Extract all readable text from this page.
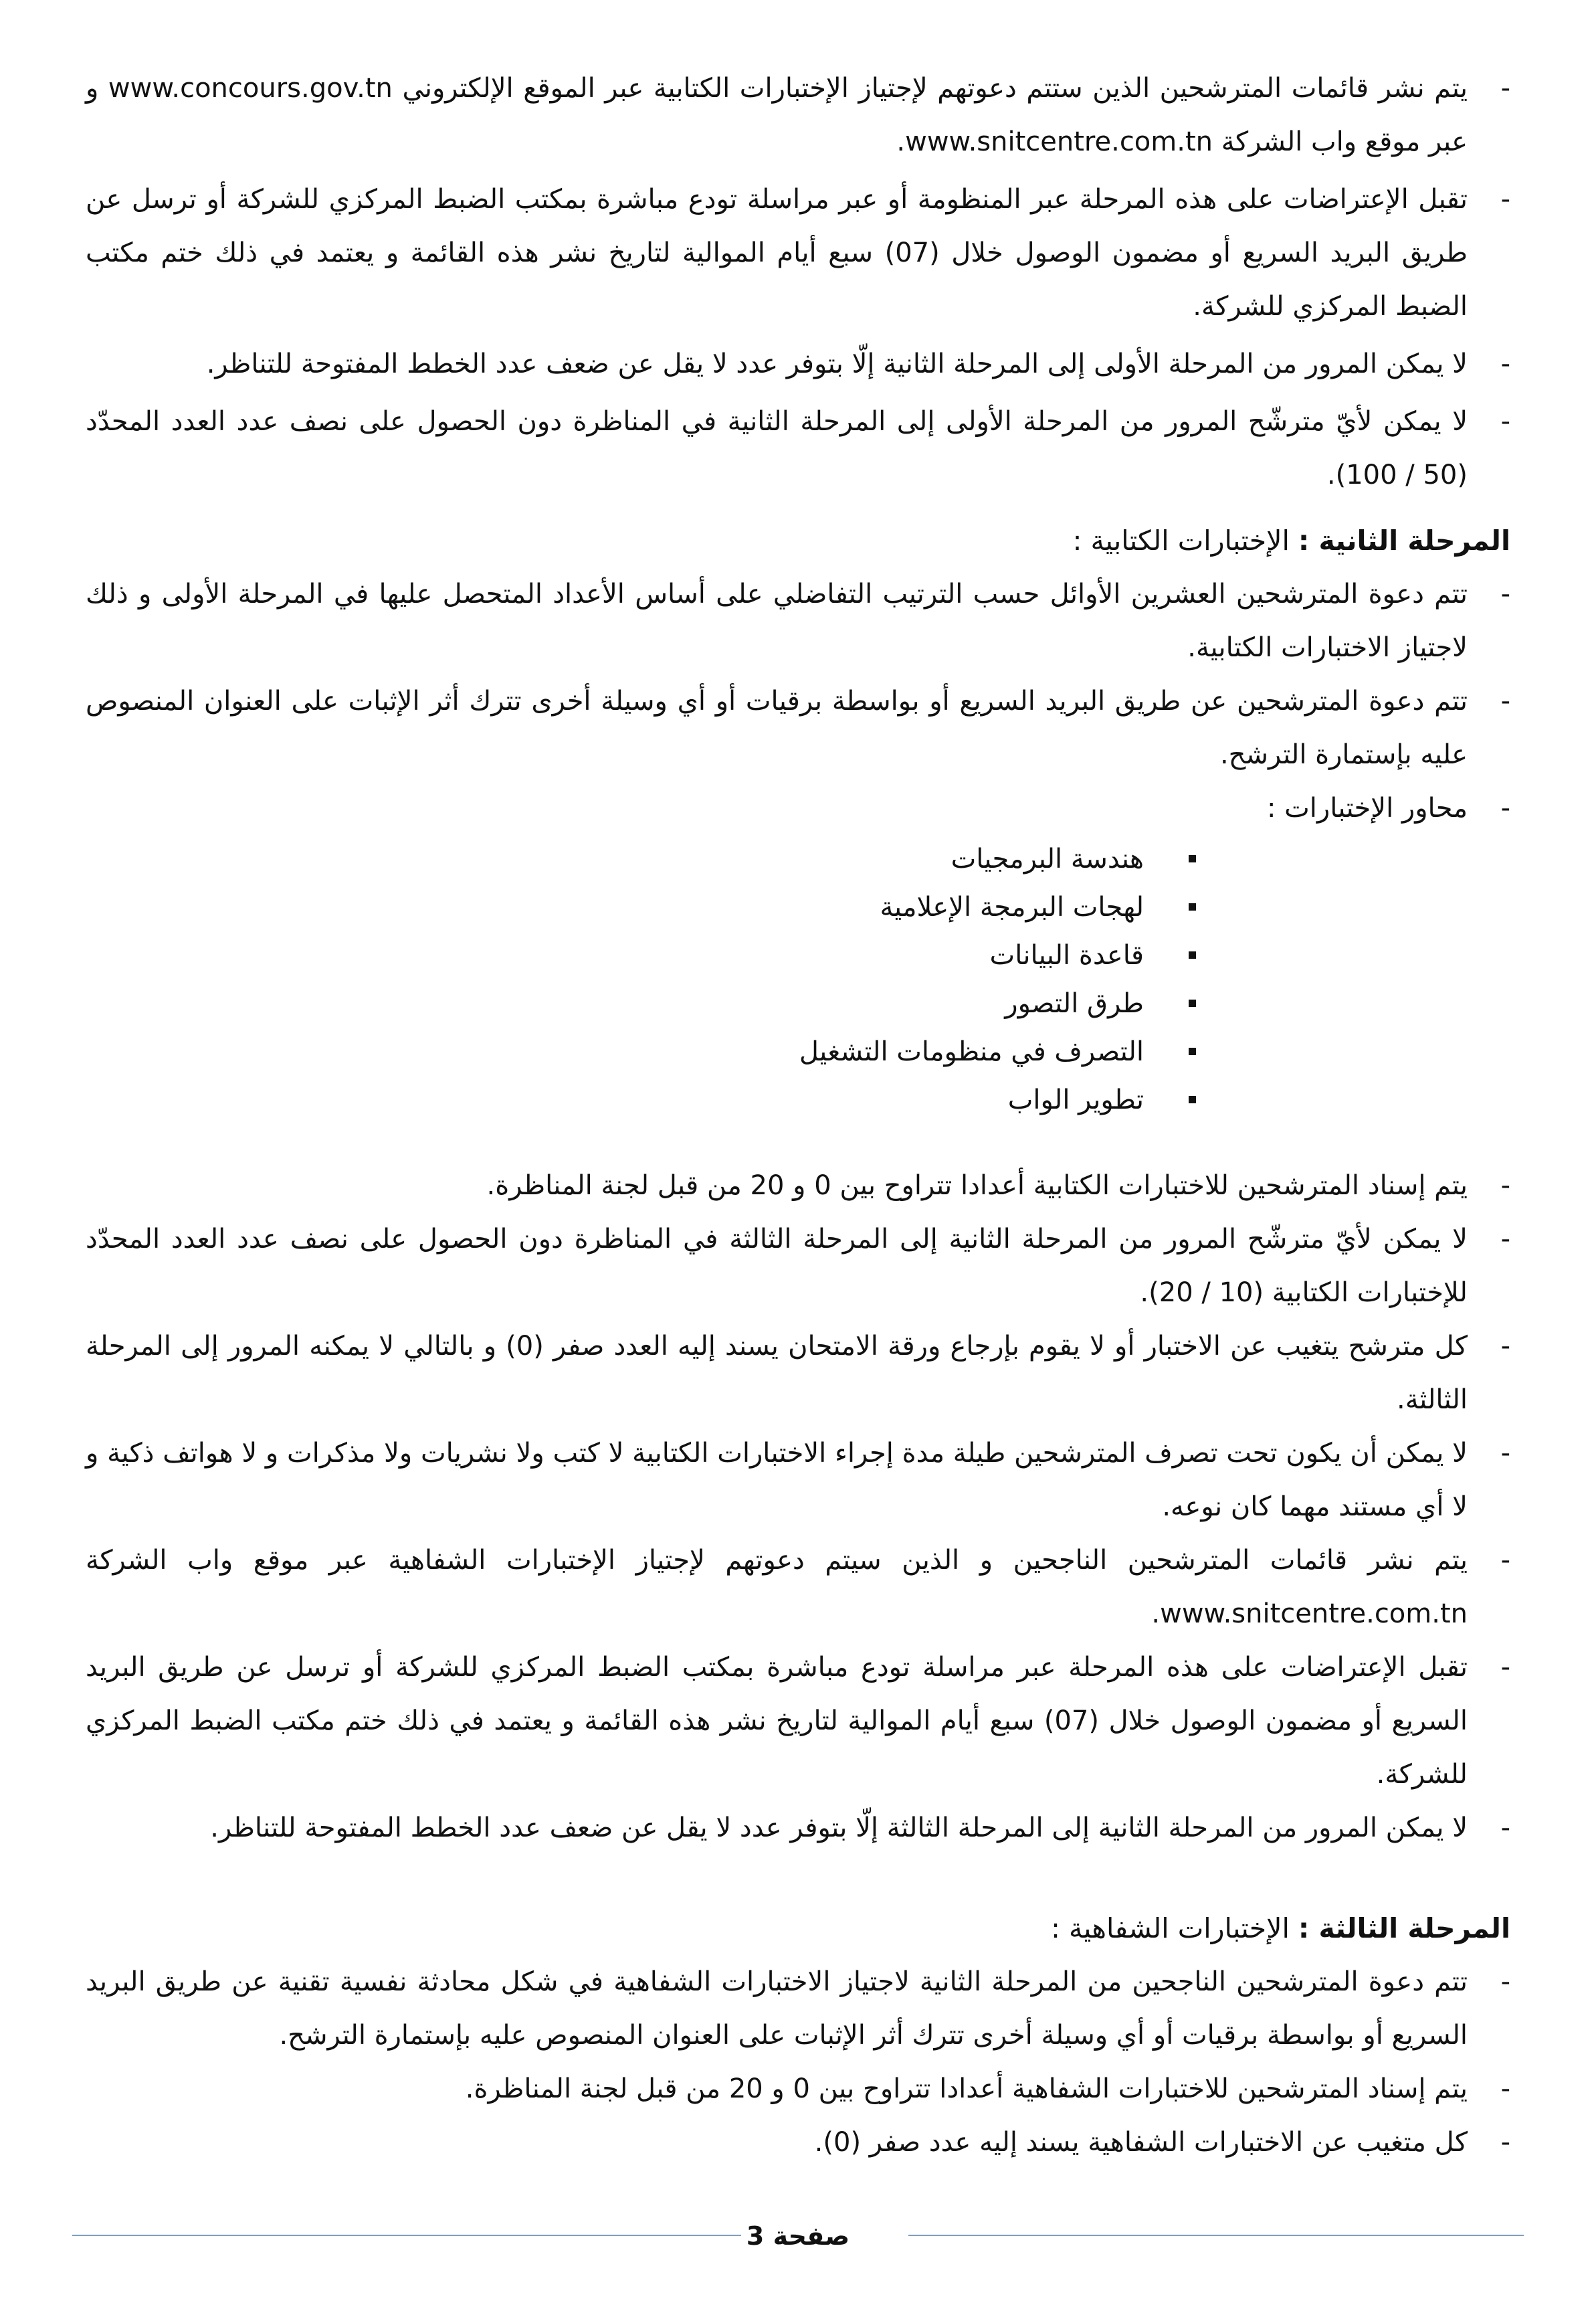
- يتم نشر قائمات المترشحين الذين ستتم دعوتهم لإجتياز الإختبارات الكتابية عبر الموقع الإلكتروني www.concours.gov.tn و عبر موقع واب الشركة www.snitcentre.com.tn.
- تقبل الإعتراضات على هذه المرحلة عبر المنظومة أو عبر مراسلة تودع مباشرة بمكتب الضبط المركزي للشركة أو ترسل عن طريق البريد السريع أو مضمون الوصول خلال (07) سبع أيام الموالية لتاريخ نشر هذه القائمة و يعتمد في ذلك ختم مكتب الضبط المركزي للشركة.
- لا يمكن المرور من المرحلة الأولى إلى المرحلة الثانية إلّا بتوفر عدد لا يقل عن ضعف عدد الخطط المفتوحة للتناظر.
- لا يمكن لأيّ مترشّح المرور من المرحلة الأولى إلى المرحلة الثانية في المناظرة دون الحصول على نصف عدد العدد المحدّد (50 / 100).
المرحلة الثانية : الإختبارات الكتابية :
- تتم دعوة المترشحين العشرين الأوائل حسب الترتيب التفاضلي على أساس الأعداد المتحصل عليها في المرحلة الأولى و ذلك لاجتياز الاختبارات الكتابية.
- تتم دعوة المترشحين عن طريق البريد السريع أو بواسطة برقيات أو أي وسيلة أخرى تترك أثر الإثبات على العنوان المنصوص عليه بإستمارة الترشح.
- محاور الإختبارات :
هندسة البرمجيات
لهجات البرمجة الإعلامية
قاعدة البيانات
طرق التصور
التصرف في منظومات التشغيل
تطوير الواب
- يتم إسناد المترشحين للاختبارات الكتابية أعدادا تتراوح بين 0 و 20 من قبل لجنة المناظرة.
- لا يمكن لأيّ مترشّح المرور من المرحلة الثانية إلى المرحلة الثالثة في المناظرة دون الحصول على نصف عدد العدد المحدّد للإختبارات الكتابية (10 / 20).
- كل مترشح يتغيب عن الاختبار أو لا يقوم بإرجاع ورقة الامتحان يسند إليه العدد صفر (0) و بالتالي لا يمكنه المرور إلى المرحلة الثالثة.
- لا يمكن أن يكون تحت تصرف المترشحين طيلة مدة إجراء الاختبارات الكتابية لا كتب ولا نشريات ولا مذكرات و لا هواتف ذكية و لا أي مستند مهما كان نوعه.
- يتم نشر قائمات المترشحين الناجحين و الذين سيتم دعوتهم لإجتياز الإختبارات الشفاهية عبر موقع واب الشركة www.snitcentre.com.tn.
- تقبل الإعتراضات على هذه المرحلة عبر مراسلة تودع مباشرة بمكتب الضبط المركزي للشركة أو ترسل عن طريق البريد السريع أو مضمون الوصول خلال (07) سبع أيام الموالية لتاريخ نشر هذه القائمة و يعتمد في ذلك ختم مكتب الضبط المركزي للشركة.
- لا يمكن المرور من المرحلة الثانية إلى المرحلة الثالثة إلّا بتوفر عدد لا يقل عن ضعف عدد الخطط المفتوحة للتناظر.
المرحلة الثالثة : الإختبارات الشفاهية :
- تتم دعوة المترشحين الناجحين من المرحلة الثانية لاجتياز الاختبارات الشفاهية في شكل محادثة نفسية تقنية عن طريق البريد السريع أو بواسطة برقيات أو أي وسيلة أخرى تترك أثر الإثبات على العنوان المنصوص عليه بإستمارة الترشح.
- يتم إسناد المترشحين للاختبارات الشفاهية أعدادا تتراوح بين 0 و 20 من قبل لجنة المناظرة.
- كل متغيب عن الاختبارات الشفاهية يسند إليه عدد صفر (0).
صفحة 3
